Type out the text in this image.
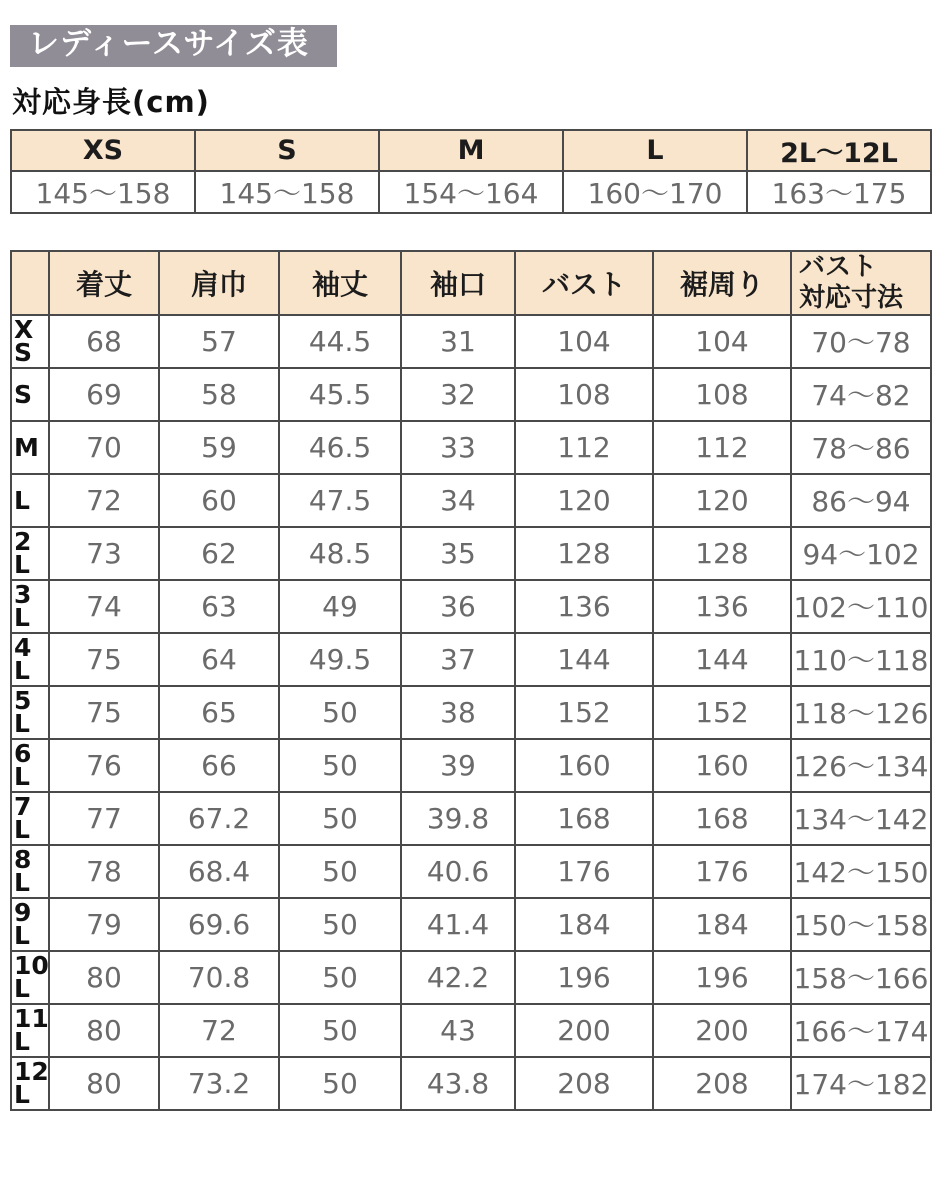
レディースサイズ表
対応身長(cm)
XS	S	M	L	2L〜12L
145〜158	145〜158	154〜164	160〜170	163〜175
	着丈	肩巾	袖丈	袖口	バスト	裾周り	バスト
対応寸法

X
S	68	57	44.5	31	104	104	70〜78

S	69	58	45.5	32	108	108	74〜82

M	70	59	46.5	33	112	112	78〜86

L	72	60	47.5	34	120	120	86〜94

2
L	73	62	48.5	35	128	128	94〜102

3
L	74	63	49	36	136	136	102〜110

4
L	75	64	49.5	37	144	144	110〜118

5
L	75	65	50	38	152	152	118〜126

6
L	76	66	50	39	160	160	126〜134

7
L	77	67.2	50	39.8	168	168	134〜142

8
L	78	68.4	50	40.6	176	176	142〜150

9
L	79	69.6	50	41.4	184	184	150〜158

10
L	80	70.8	50	42.2	196	196	158〜166

11
L	80	72	50	43	200	200	166〜174

12
L	80	73.2	50	43.8	208	208	174〜182
